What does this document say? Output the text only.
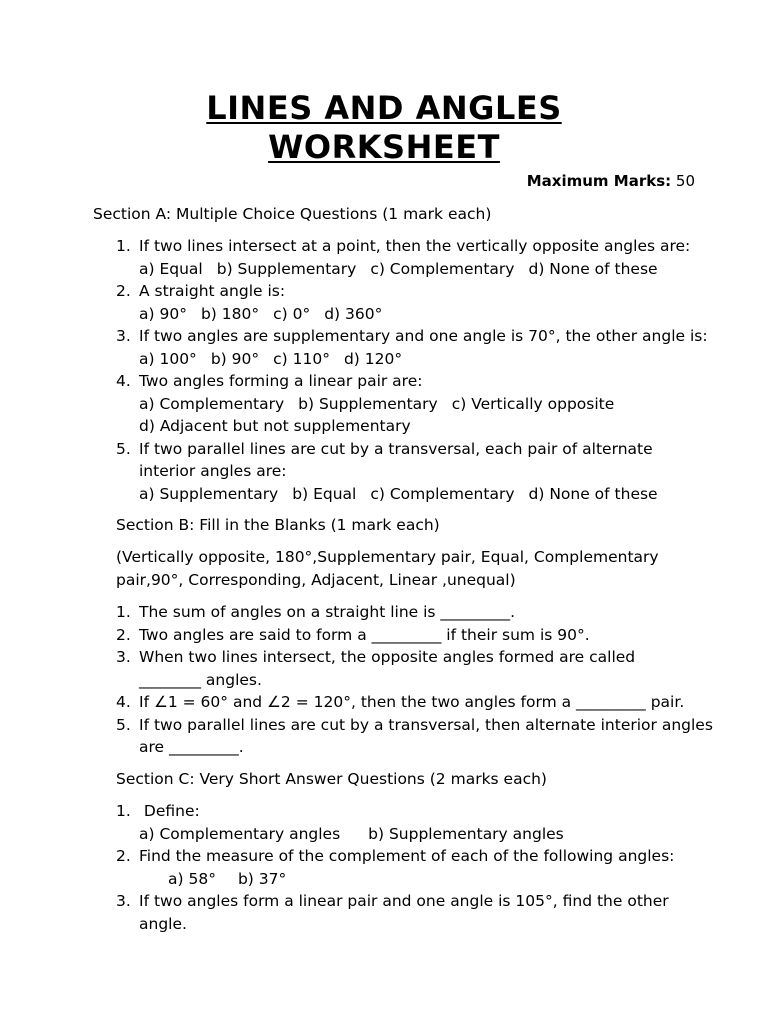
LINES AND ANGLES
WORKSHEET
Maximum Marks: 50
Section A: Multiple Choice Questions (1 mark each)
1. If two lines intersect at a point, then the vertically opposite angles are:
a) Equal b) Supplementary c) Complementary d) None of these
2. A straight angle is:
a) 90° b) 180° c) 0° d) 360°
3. If two angles are supplementary and one angle is 70°, the other angle is:
a) 100° b) 90° c) 110° d) 120°
4. Two angles forming a linear pair are:
a) Complementary b) Supplementary c) Vertically opposite
d) Adjacent but not supplementary
5. If two parallel lines are cut by a transversal, each pair of alternate
interior angles are:
a) Supplementary b) Equal c) Complementary d) None of these
Section B: Fill in the Blanks (1 mark each)
(Vertically opposite, 180°,Supplementary pair, Equal, Complementary
pair,90°, Corresponding, Adjacent, Linear ,unequal)
1. The sum of angles on a straight line is _________.
2. Two angles are said to form a _________ if their sum is 90°.
3. When two lines intersect, the opposite angles formed are called
________ angles.
4. If ∠1 = 60° and ∠2 = 120°, then the two angles form a _________ pair.
5. If two parallel lines are cut by a transversal, then alternate interior angles
are _________.
Section C: Very Short Answer Questions (2 marks each)
1. Define:
a) Complementary angles b) Supplementary angles
2. Find the measure of the complement of each of the following angles:
a) 58° b) 37°
3. If two angles form a linear pair and one angle is 105°, find the other
angle.
